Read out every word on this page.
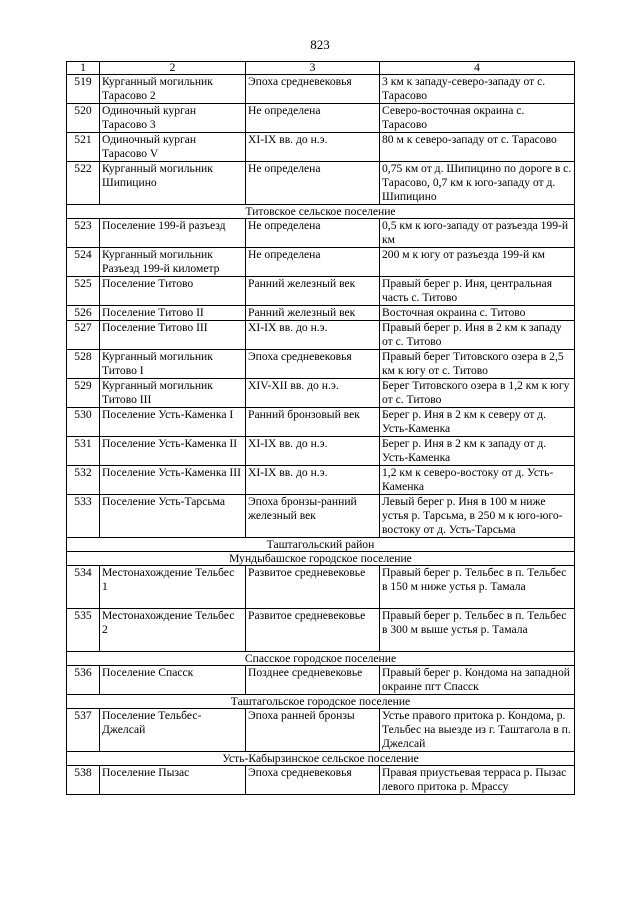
823
1	2	3	4
519	Курганный могильник Тарасово 2	Эпоха средневековья	3 км к западу-северо-западу от с. Тарасово
520	Одиночный курган Тарасово 3	Не определена	Северо-восточная окраина с. Тарасово
521	Одиночный курган Тарасово V	XI-IX вв. до н.э.	80 м к северо-западу от с. Тарасово
522	Курганный могильник Шипицино	Не определена	0,75 км от д. Шипицино по дороге в с. Тарасово, 0,7 км к юго-западу от д. Шипицино
Титовское сельское поселение			
523	Поселение 199-й разъезд	Не определена	0,5 км к юго-западу от разъезда 199-й км
524	Курганный могильник Разъезд 199-й километр	Не определена	200 м к югу от разъезда 199-й км
525	Поселение Титово	Ранний железный век	Правый берег р. Иня, центральная часть с. Титово
526	Поселение Титово II	Ранний железный век	Восточная окраина с. Титово
527	Поселение Титово III	XI-IX вв. до н.э.	Правый берег р. Иня в 2 км к западу от с. Титово
528	Курганный могильник Титово I	Эпоха средневековья	Правый берег Титовского озера в 2,5 км к югу от с. Титово
529	Курганный могильник Титово III	XIV-XII вв. до н.э.	Берег Титовского озера в 1,2 км к югу от с. Титово
530	Поселение Усть-Каменка I	Ранний бронзовый век	Берег р. Иня в 2 км к северу от д. Усть-Каменка
531	Поселение Усть-Каменка II	XI-IX вв. до н.э.	Берег р. Иня в 2 км к западу от д. Усть-Каменка
532	Поселение Усть-Каменка III	XI-IX вв. до н.э.	1,2 км к северо-востоку от д. Усть-Каменка
533	Поселение Усть-Тарсьма	Эпоха бронзы-ранний железный век	Левый берег р. Иня в 100 м ниже устья р. Тарсьма, в 250 м к юго-юго-востоку от д. Усть-Тарсьма
Таштагольский район			
Мундыбашское городское поселение			
534	Местонахождение Тельбес 1	Развитое средневековье	Правый берег р. Тельбес в п. Тельбес в 150 м ниже устья р. Тамала
535	Местонахождение Тельбес 2	Развитое средневековье	Правый берег р. Тельбес в п. Тельбес в 300 м выше устья р. Тамала
Спасское городское поселение			
536	Поселение Спасск	Позднее средневековье	Правый берег р. Кондома на западной окраине пгт Спасск
Таштагольское городское поселение			
537	Поселение Тельбес-Джелсай	Эпоха ранней бронзы	Устье правого притока р. Кондома, р. Тельбес на выезде из г. Таштагола в п. Джелсай
Усть-Кабырзинское сельское поселение			
538	Поселение Пызас	Эпоха средневековья	Правая приустьевая терраса р. Пызас левого притока р. Мрассу
